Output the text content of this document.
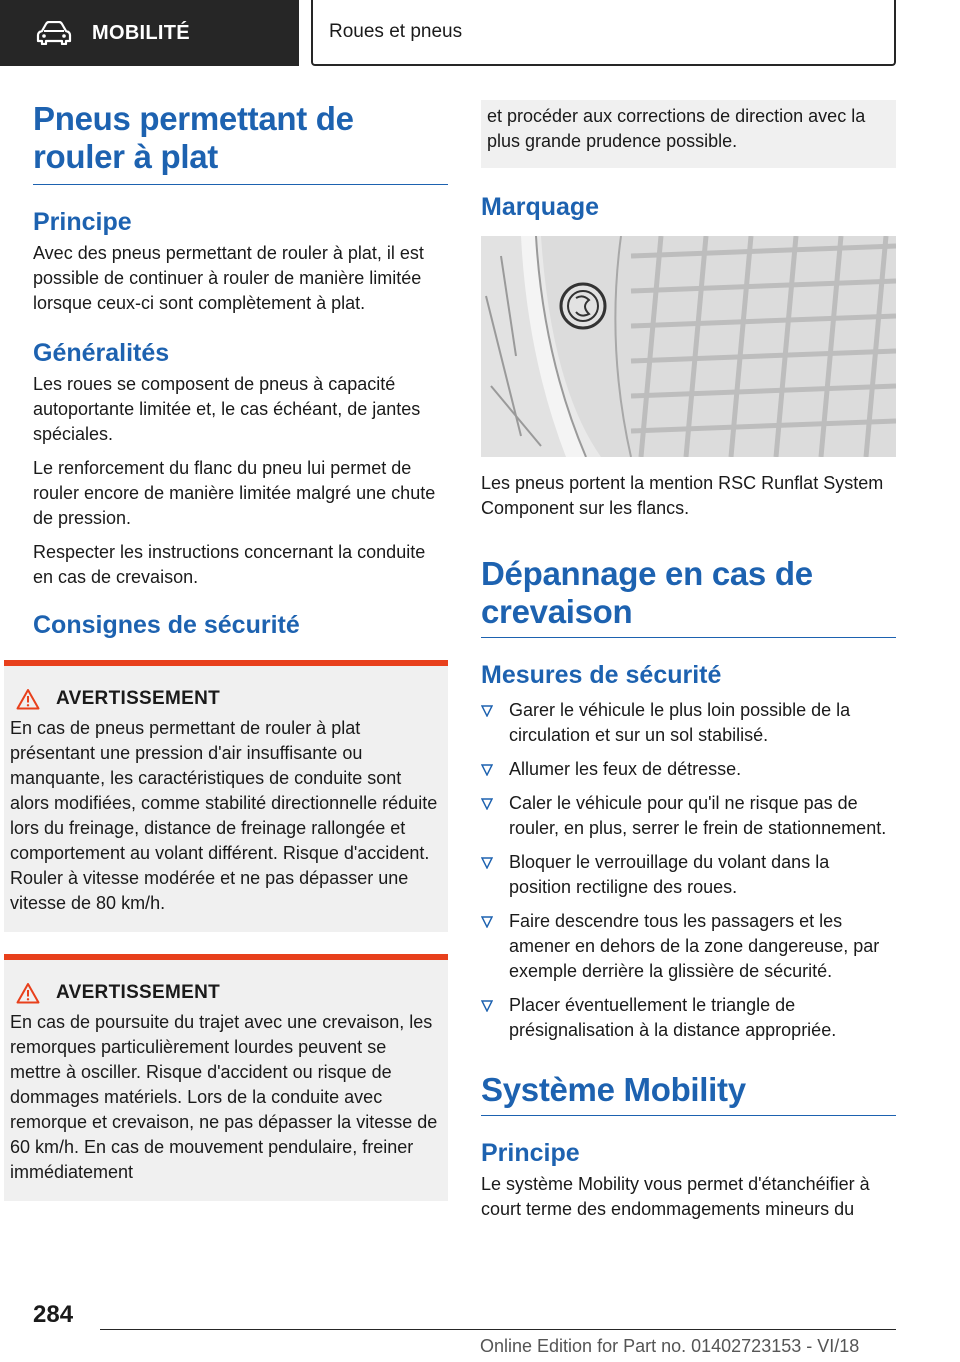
MOBILITÉ	Roues et pneus
Pneus permettant de rouler à plat
Principe

Avec des pneus permettant de rouler à plat, il est possible de continuer à rouler de manière limitée lorsque ceux-ci sont complètement à plat.

Généralités

Les roues se composent de pneus à capacité autoportante limitée et, le cas échéant, de jantes spéciales.

Le renforcement du flanc du pneu lui permet de rouler encore de manière limitée malgré une chute de pression.

Respecter les instructions concernant la conduite en cas de crevaison.

Consignes de sécurité
AVERTISSEMENT

En cas de pneus permettant de rouler à plat présentant une pression d'air insuffisante ou manquante, les caractéristiques de conduite sont alors modifiées, comme stabilité directionnelle réduite lors du freinage, distance de freinage rallongée et comportement au volant différent. Risque d'accident. Rouler à vitesse modérée et ne pas dépasser une vitesse de 80 km/h.

AVERTISSEMENT

En cas de poursuite du trajet avec une crevaison, les remorques particulièrement lourdes peuvent se mettre à osciller. Risque d'accident ou risque de dommages matériels. Lors de la conduite avec remorque et crevaison, ne pas dépasser la vitesse de 60 km/h. En cas de mouvement pendulaire, freiner immédiatement

et procéder aux corrections de direction avec la plus grande prudence possible.

Marquage

Les pneus portent la mention RSC Runflat System Component sur les flancs.

Dépannage en cas de crevaison
Mesures de sécurité
Garer le véhicule le plus loin possible de la circulation et sur un sol stabilisé.
Allumer les feux de détresse.
Caler le véhicule pour qu'il ne risque pas de rouler, en plus, serrer le frein de stationnement.
Bloquer le verrouillage du volant dans la position rectiligne des roues.
Faire descendre tous les passagers et les amener en dehors de la zone dangereuse, par exemple derrière la glissière de sécurité.
Placer éventuellement le triangle de présignalisation à la distance appropriée.
Système Mobility
Principe

Le système Mobility vous permet d'étanchéifier à court terme des endommagements mineurs du

284
Online Edition for Part no. 01402723153 - VI/18
